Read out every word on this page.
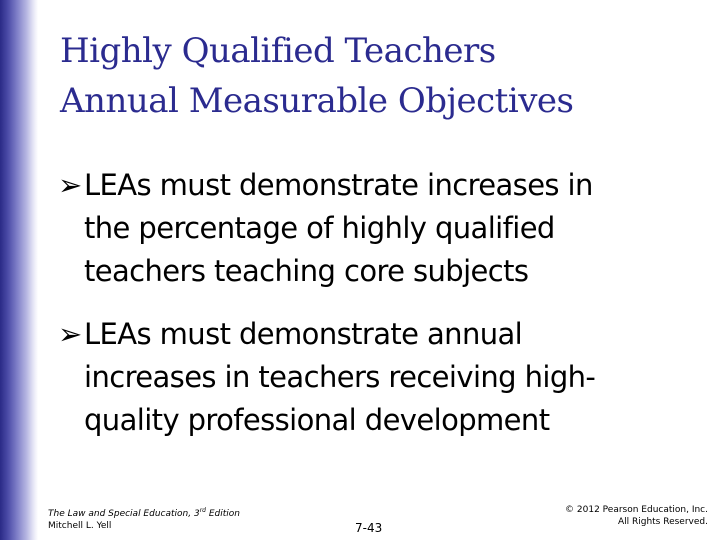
Highly Qualified Teachers
Annual Measurable Objectives
➢ LEAs must demonstrate increases in
the percentage of highly qualified
teachers teaching core subjects
➢ LEAs must demonstrate annual
increases in teachers receiving high-
quality professional development
The Law and Special Education, 3rd Edition
Mitchell L. Yell	7-43
© 2012 Pearson Education, Inc.
All Rights Reserved.
